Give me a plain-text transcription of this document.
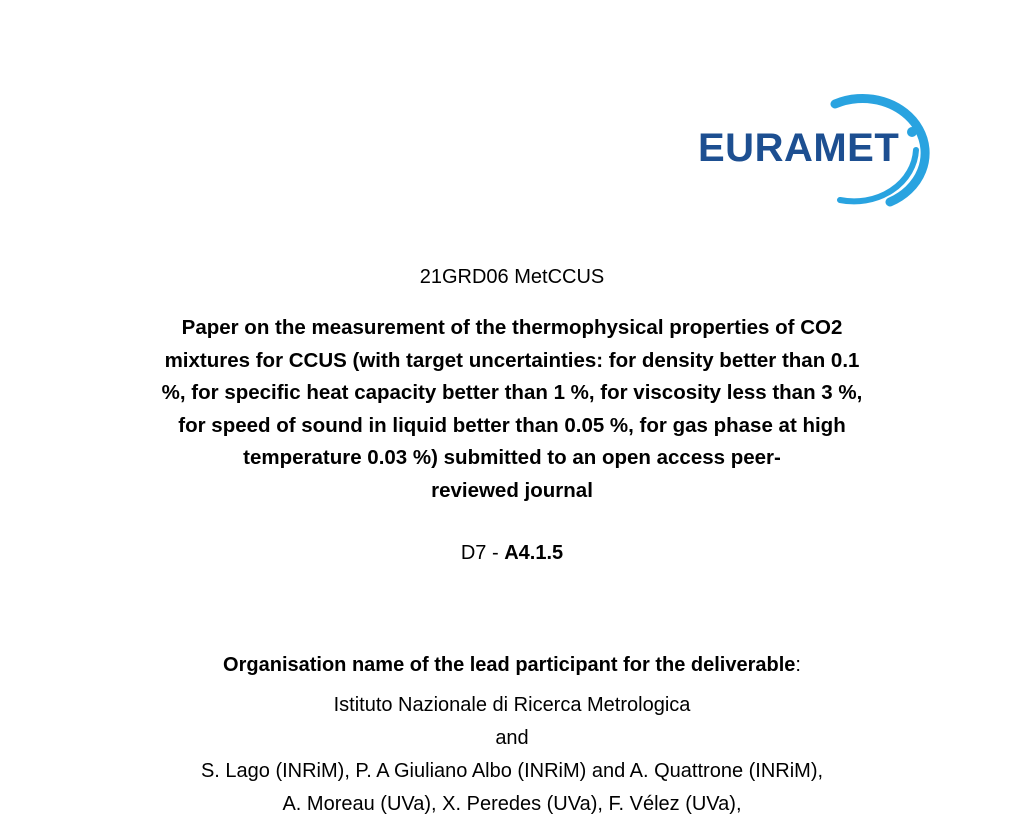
EURAMET
21GRD06 MetCCUS
Paper on the measurement of the thermophysical properties of CO2
mixtures for CCUS (with target uncertainties: for density better than 0.1
%, for specific heat capacity better than 1 %, for viscosity less than 3 %,
for speed of sound in liquid better than 0.05 %, for gas phase at high
temperature 0.03 %) submitted to an open access peer-
reviewed journal
D7 - A4.1.5
Organisation name of the lead participant for the deliverable:
Istituto Nazionale di Ricerca Metrologica
and
S. Lago (INRiM), P. A Giuliano Albo (INRiM) and A. Quattrone (INRiM),
A. Moreau (UVa), X. Peredes (UVa), F. Vélez (UVa),
